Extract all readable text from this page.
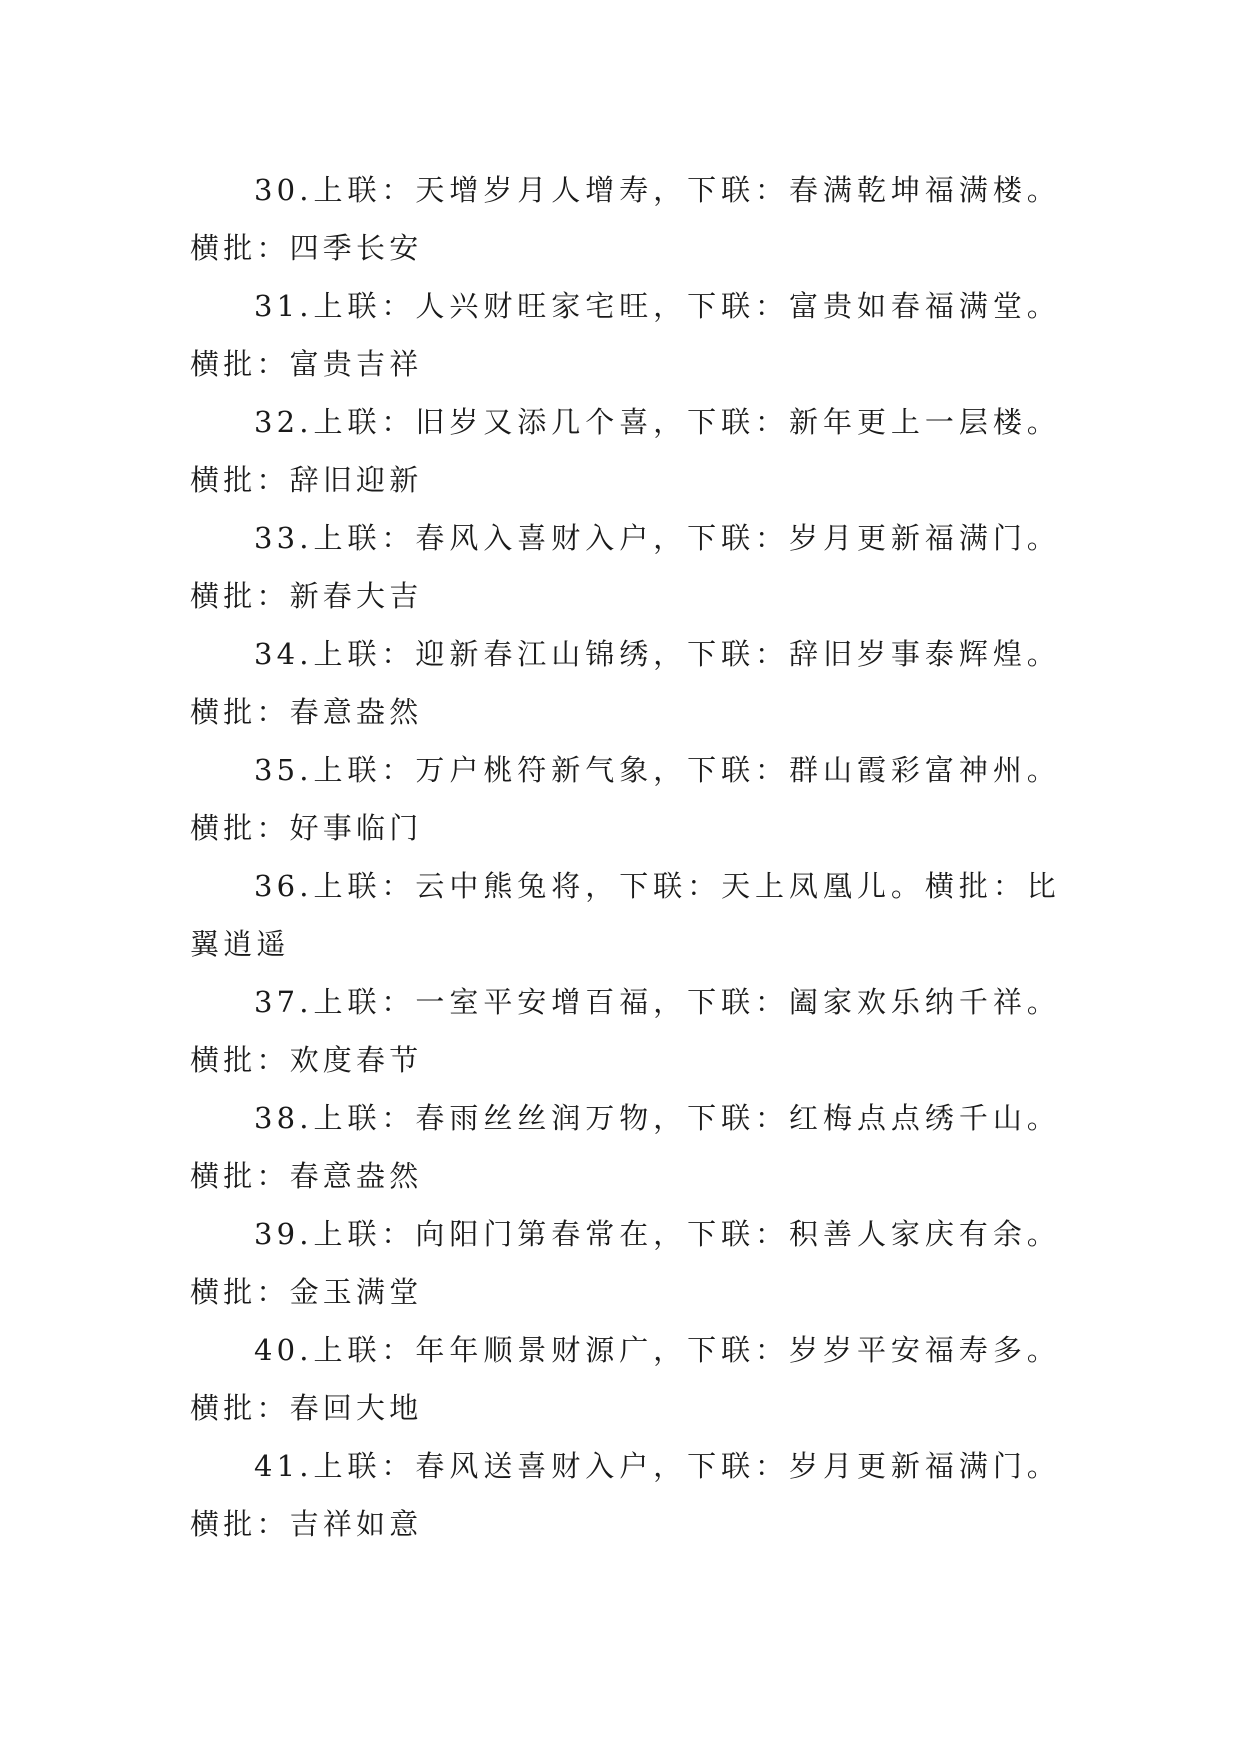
30.上联：天增岁月人增寿，下联：春满乾坤福满楼。横批：四季长安

31.上联：人兴财旺家宅旺，下联：富贵如春福满堂。横批：富贵吉祥

32.上联：旧岁又添几个喜，下联：新年更上一层楼。横批：辞旧迎新

33.上联：春风入喜财入户，下联：岁月更新福满门。横批：新春大吉

34.上联：迎新春江山锦绣，下联：辞旧岁事泰辉煌。横批：春意盎然

35.上联：万户桃符新气象，下联：群山霞彩富神州。横批：好事临门

36.上联：云中熊兔将，下联：天上凤凰儿。横批：比翼逍遥

37.上联：一室平安增百福，下联：阖家欢乐纳千祥。横批：欢度春节

38.上联：春雨丝丝润万物，下联：红梅点点绣千山。横批：春意盎然

39.上联：向阳门第春常在，下联：积善人家庆有余。横批：金玉满堂

40.上联：年年顺景财源广，下联：岁岁平安福寿多。横批：春回大地

41.上联：春风送喜财入户，下联：岁月更新福满门。横批：吉祥如意
